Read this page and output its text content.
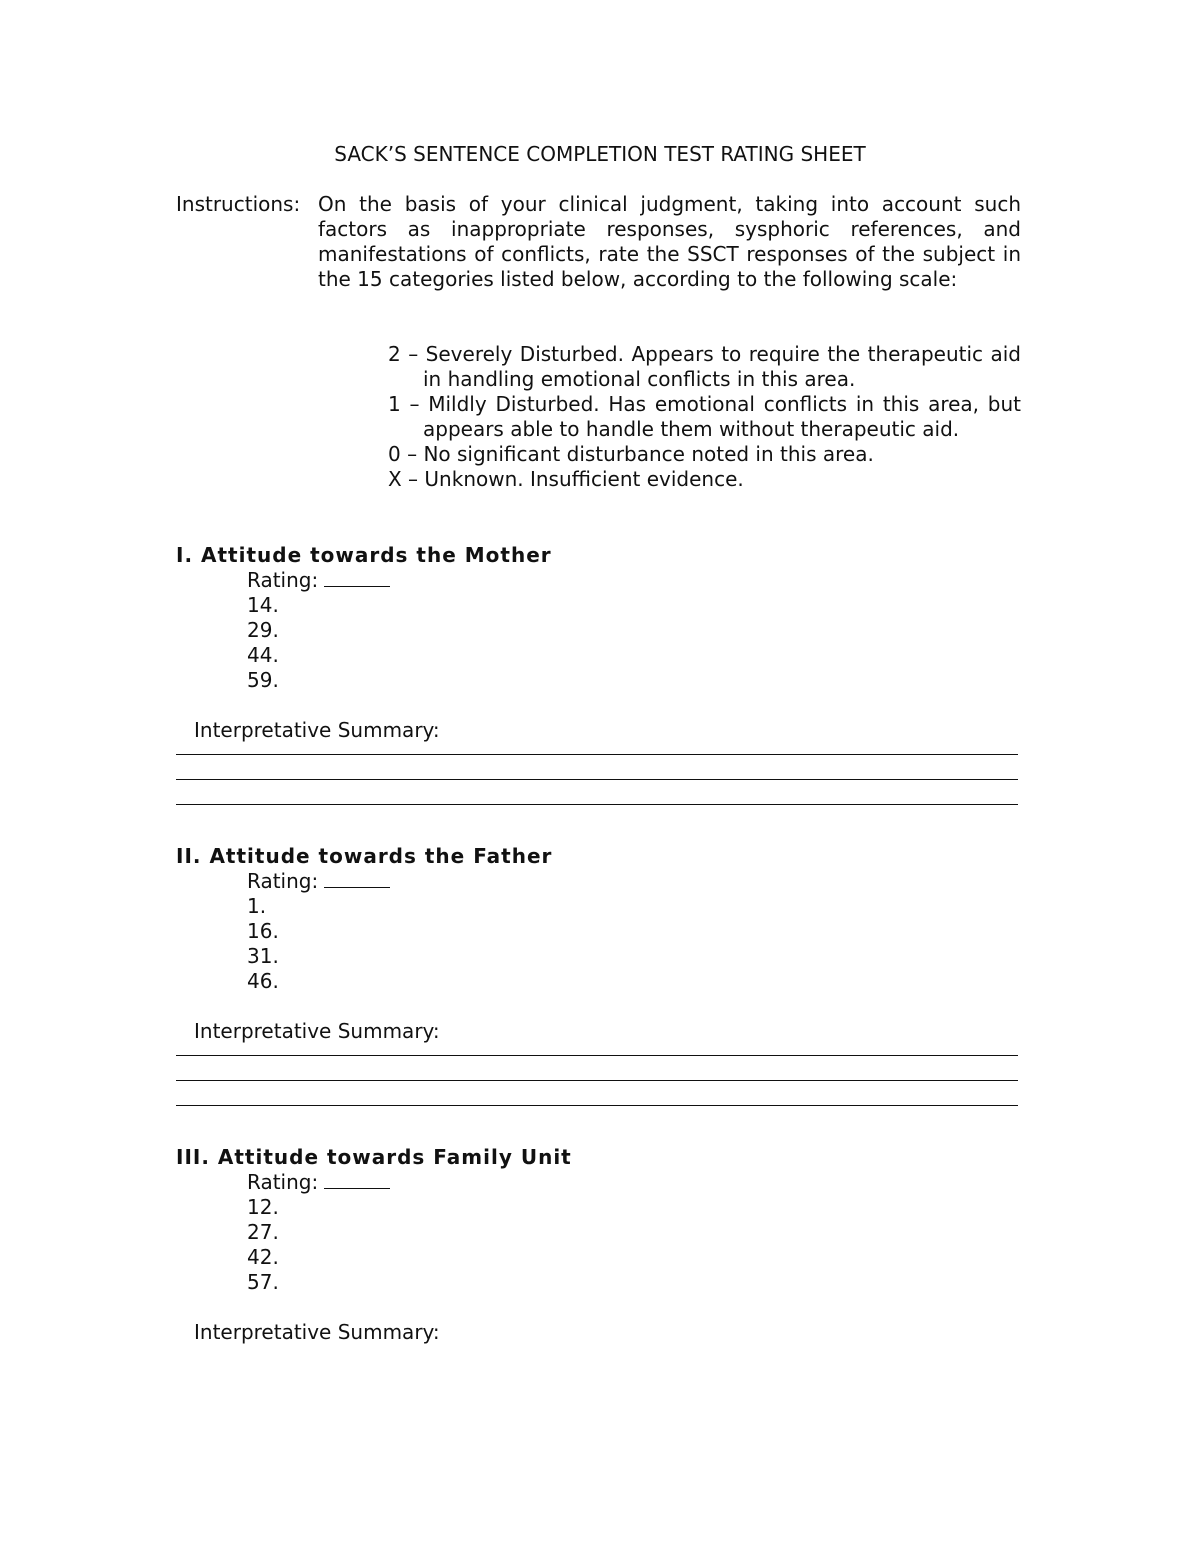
SACK’S SENTENCE COMPLETION TEST RATING SHEET
Instructions: On the basis of your clinical judgment, taking into account such factors as inappropriate responses, sysphoric references, and manifestations of conflicts, rate the SSCT responses of the subject in the 15 categories listed below, according to the following scale:
2 – Severely Disturbed. Appears to require the therapeutic aid in handling emotional conflicts in this area.
1 – Mildly Disturbed. Has emotional conflicts in this area, but appears able to handle them without therapeutic aid.
0 – No significant disturbance noted in this area.
X – Unknown. Insufficient evidence.
I. Attitude towards the Mother
Rating:
14.
29.
44.
59.
Interpretative Summary:
II. Attitude towards the Father
Rating:
1.
16.
31.
46.
Interpretative Summary:
III. Attitude towards Family Unit
Rating:
12.
27.
42.
57.
Interpretative Summary:
